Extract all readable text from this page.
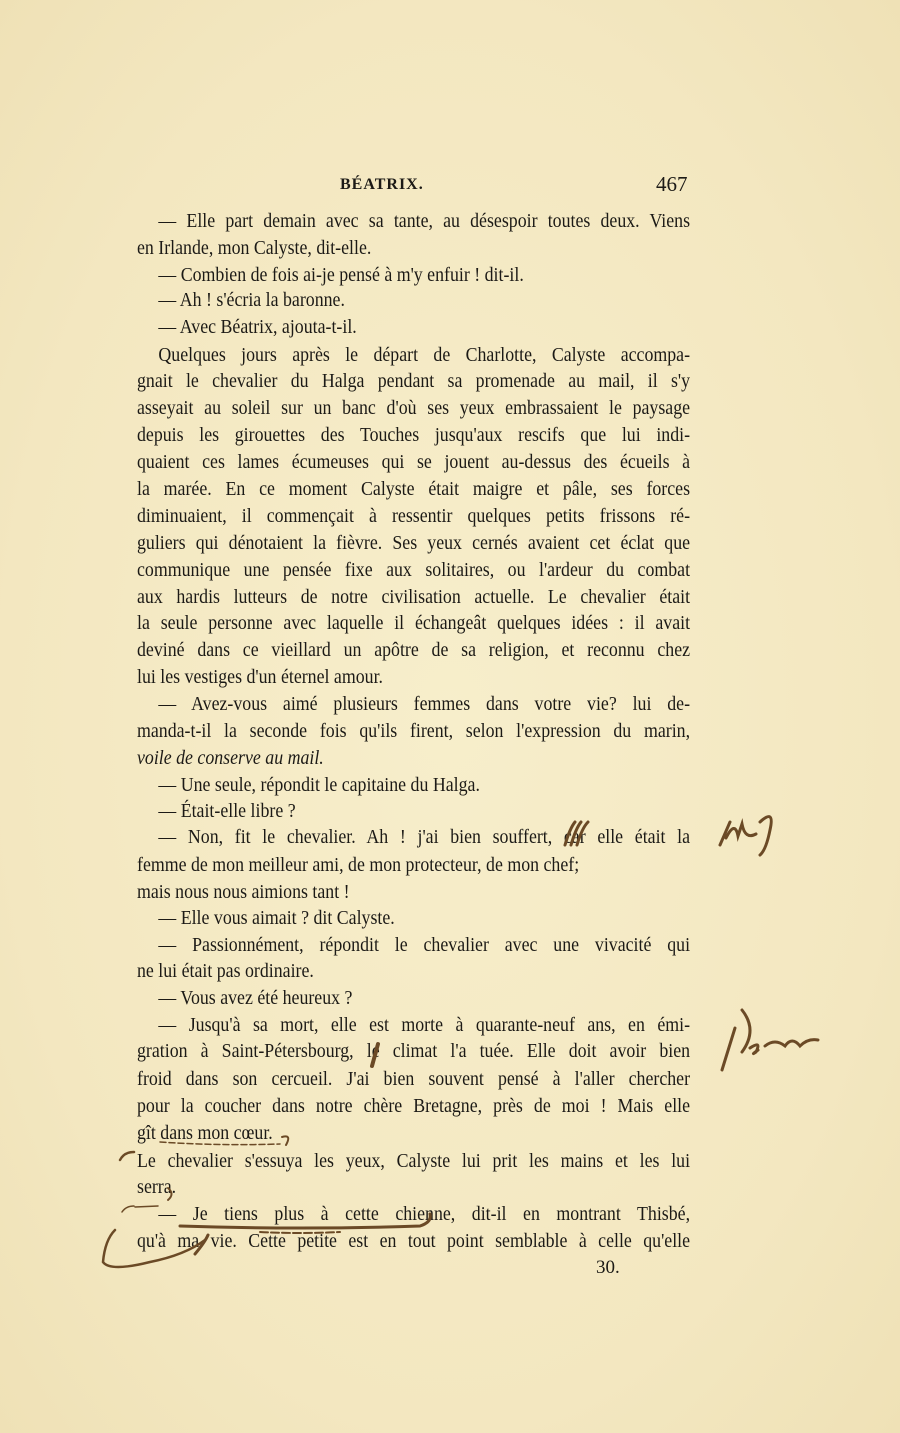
BÉATRIX.	467
— Elle part demain avec sa tante, au désespoir toutes deux. Viens
en Irlande, mon Calyste, dit-elle.
— Combien de fois ai-je pensé à m'y enfuir ! dit-il.
— Ah ! s'écria la baronne.
— Avec Béatrix, ajouta-t-il.
Quelques jours après le départ de Charlotte, Calyste accompa-
gnait le chevalier du Halga pendant sa promenade au mail, il s'y
asseyait au soleil sur un banc d'où ses yeux embrassaient le paysage
depuis les girouettes des Touches jusqu'aux rescifs que lui indi-
quaient ces lames écumeuses qui se jouent au-dessus des écueils à
la marée. En ce moment Calyste était maigre et pâle, ses forces
diminuaient, il commençait à ressentir quelques petits frissons ré-
guliers qui dénotaient la fièvre. Ses yeux cernés avaient cet éclat que
communique une pensée fixe aux solitaires, ou l'ardeur du combat
aux hardis lutteurs de notre civilisation actuelle. Le chevalier était
la seule personne avec laquelle il échangeât quelques idées : il avait
deviné dans ce vieillard un apôtre de sa religion, et reconnu chez
lui les vestiges d'un éternel amour.
— Avez-vous aimé plusieurs femmes dans votre vie? lui de-
manda-t-il la seconde fois qu'ils firent, selon l'expression du marin,
voile de conserve au mail.
— Une seule, répondit le capitaine du Halga.
— Était-elle libre ?
— Non, fit le chevalier. Ah ! j'ai bien souffert, car elle était la
femme de mon meilleur ami, de mon protecteur, de mon chef;
mais nous nous aimions tant !
— Elle vous aimait ? dit Calyste.
— Passionnément, répondit le chevalier avec une vivacité qui
ne lui était pas ordinaire.
— Vous avez été heureux ?
— Jusqu'à sa mort, elle est morte à quarante-neuf ans, en émi-
gration à Saint-Pétersbourg, le climat l'a tuée. Elle doit avoir bien
froid dans son cercueil. J'ai bien souvent pensé à l'aller chercher
pour la coucher dans notre chère Bretagne, près de moi ! Mais elle
gît dans mon cœur.
Le chevalier s'essuya les yeux, Calyste lui prit les mains et les lui
serra.
— Je tiens plus à cette chienne, dit-il en montrant Thisbé,
qu'à ma vie. Cette petite est en tout point semblable à celle qu'elle
30.
